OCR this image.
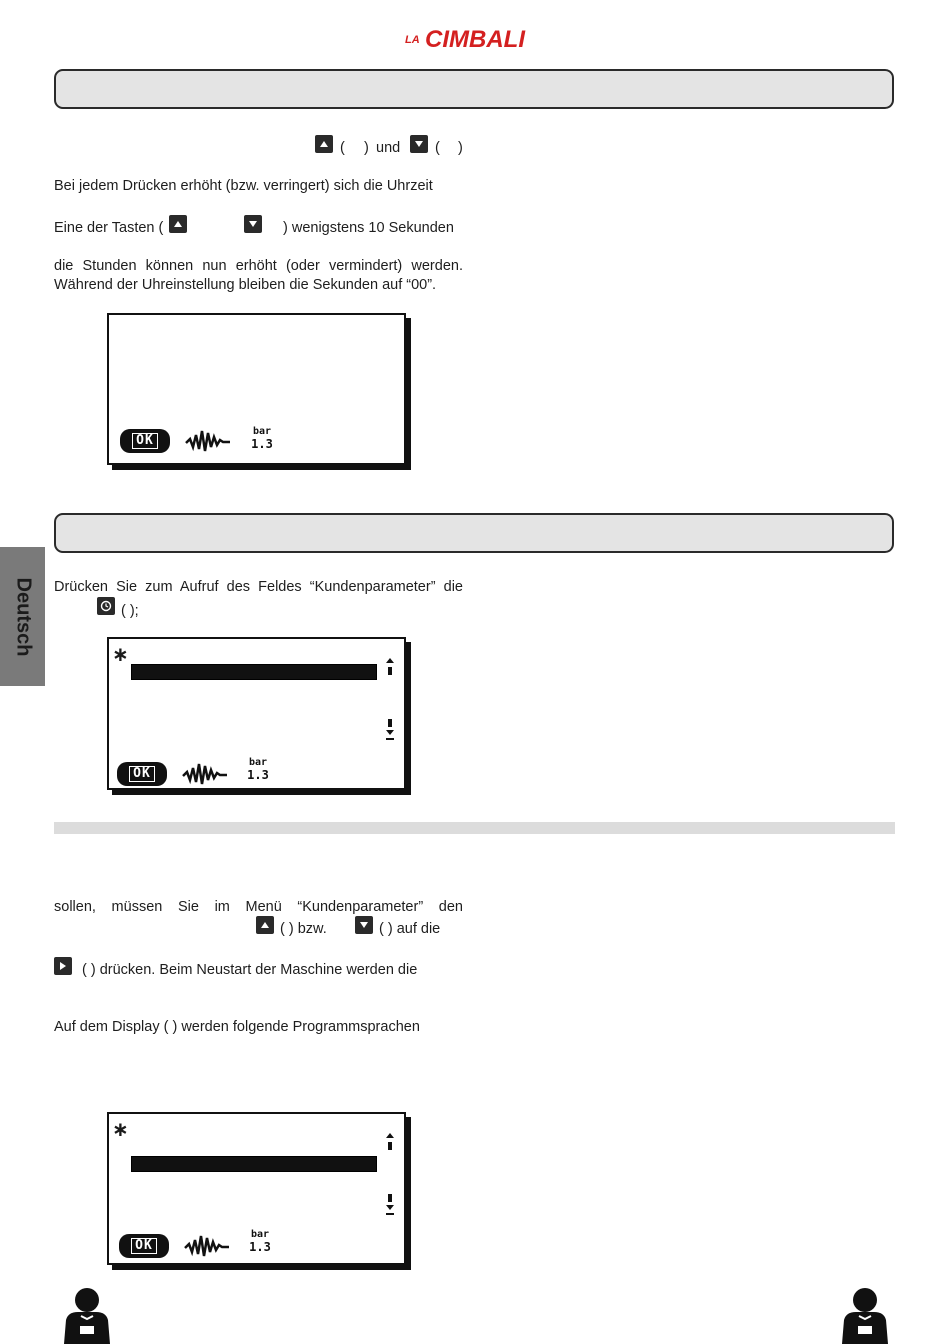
LA CIMBALI
( ) und ( )
Bei jedem Drücken erhöht (bzw. verringert) sich die Uhrzeit
Eine der Tasten (	) wenigstens 10 Sekunden
die Stunden können nun erhöht (oder vermindert) werden.
Während der Uhreinstellung bleiben die Sekunden auf “00”.
OK
bar
1.3
Deutsch Drücken Sie zum Aufruf des Feldes “Kundenparameter” die
( );
∗
OK
bar
1.3
sollen, müssen Sie im Menü “Kundenparameter” den
( ) bzw.	( ) auf die
( ) drücken. Beim Neustart der Maschine werden die
Auf dem Display ( ) werden folgende Programmsprachen
∗
OK
bar
1.3
